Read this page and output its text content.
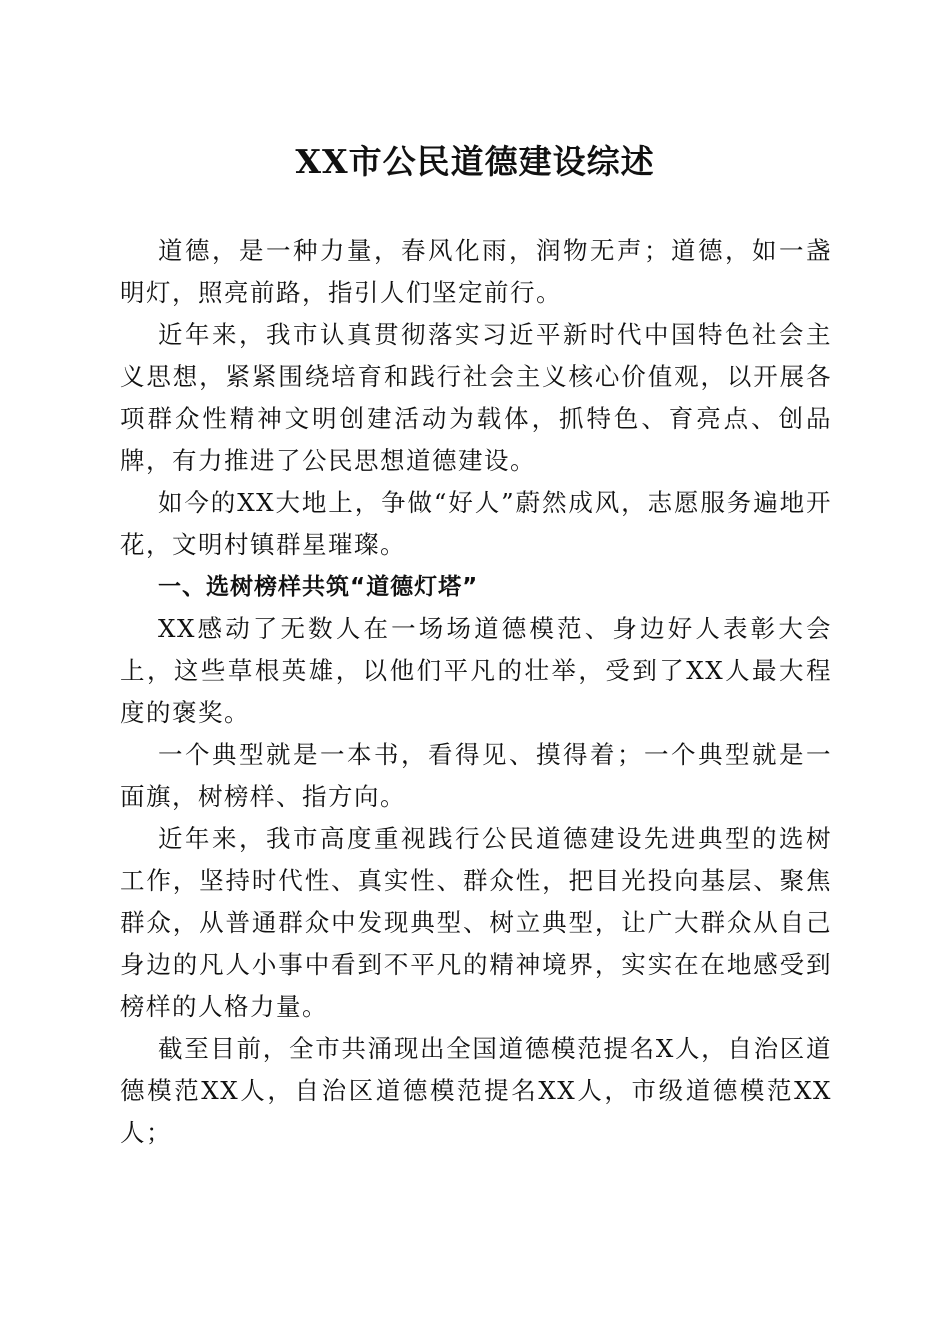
XX市公民道德建设综述

道德，是一种力量，春风化雨，润物无声；道德，如一盏明灯，照亮前路，指引人们坚定前行。

近年来，我市认真贯彻落实习近平新时代中国特色社会主义思想，紧紧围绕培育和践行社会主义核心价值观，以开展各项群众性精神文明创建活动为载体，抓特色、育亮点、创品牌，有力推进了公民思想道德建设。

如今的XX大地上，争做“好人”蔚然成风，志愿服务遍地开花，文明村镇群星璀璨。

一、选树榜样共筑“道德灯塔”

XX感动了无数人在一场场道德模范、身边好人表彰大会上，这些草根英雄，以他们平凡的壮举，受到了XX人最大程度的褒奖。

一个典型就是一本书，看得见、摸得着；一个典型就是一面旗，树榜样、指方向。

近年来，我市高度重视践行公民道德建设先进典型的选树工作，坚持时代性、真实性、群众性，把目光投向基层、聚焦群众，从普通群众中发现典型、树立典型，让广大群众从自己身边的凡人小事中看到不平凡的精神境界，实实在在地感受到榜样的人格力量。

截至目前，全市共涌现出全国道德模范提名X人，自治区道德模范XX人，自治区道德模范提名XX人，市级道德模范XX人；
